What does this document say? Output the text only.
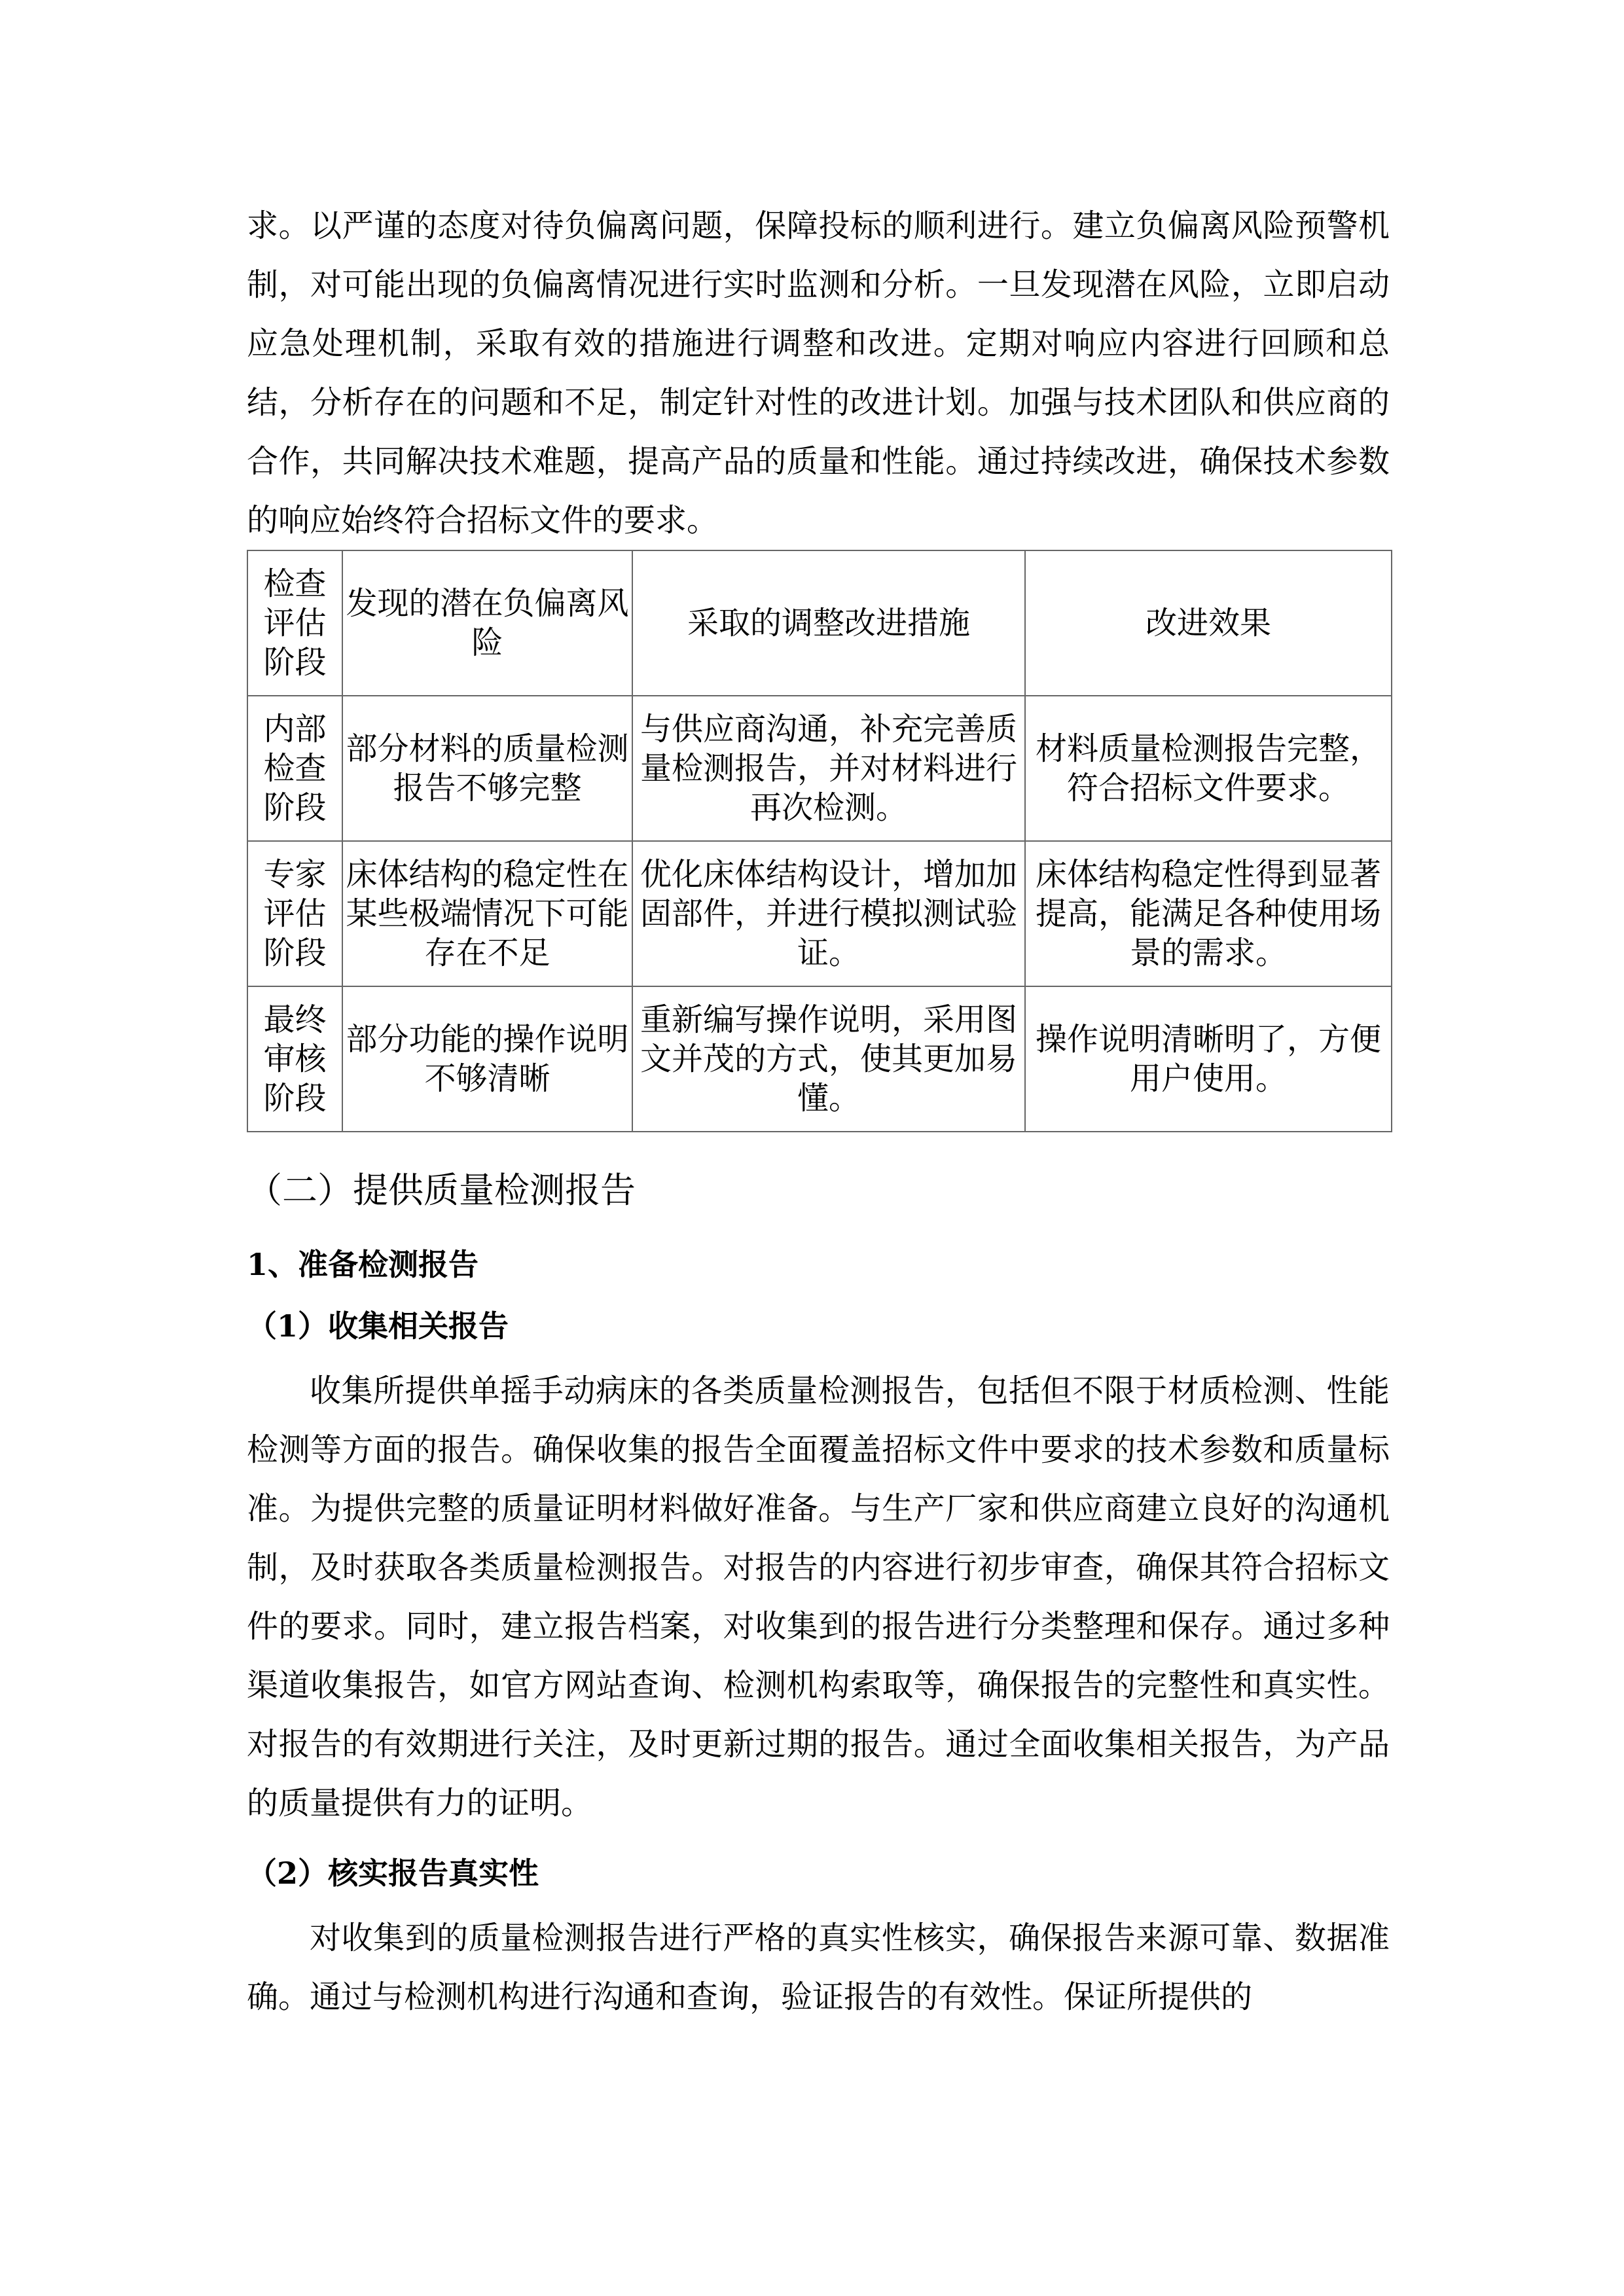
求。以严谨的态度对待负偏离问题，保障投标的顺利进行。建立负偏离风险预警机制，对可能出现的负偏离情况进行实时监测和分析。一旦发现潜在风险，立即启动应急处理机制，采取有效的措施进行调整和改进。定期对响应内容进行回顾和总结，分析存在的问题和不足，制定针对性的改进计划。加强与技术团队和供应商的合作，共同解决技术难题，提高产品的质量和性能。通过持续改进，确保技术参数的响应始终符合招标文件的要求。

检查评估阶段	发现的潜在负偏离风险	采取的调整改进措施	改进效果
内部检查阶段	部分材料的质量检测报告不够完整	与供应商沟通，补充完善质量检测报告，并对材料进行再次检测。	材料质量检测报告完整，符合招标文件要求。
专家评估阶段	床体结构的稳定性在某些极端情况下可能存在不足	优化床体结构设计，增加加固部件，并进行模拟测试验证。	床体结构稳定性得到显著提高，能满足各种使用场景的需求。
最终审核阶段	部分功能的操作说明不够清晰	重新编写操作说明，采用图文并茂的方式，使其更加易懂。	操作说明清晰明了，方便用户使用。
（二）提供质量检测报告
1、准备检测报告
（1）收集相关报告

收集所提供单摇手动病床的各类质量检测报告，包括但不限于材质检测、性能检测等方面的报告。确保收集的报告全面覆盖招标文件中要求的技术参数和质量标准。为提供完整的质量证明材料做好准备。与生产厂家和供应商建立良好的沟通机制，及时获取各类质量检测报告。对报告的内容进行初步审查，确保其符合招标文件的要求。同时，建立报告档案，对收集到的报告进行分类整理和保存。通过多种渠道收集报告，如官方网站查询、检测机构索取等，确保报告的完整性和真实性。对报告的有效期进行关注，及时更新过期的报告。通过全面收集相关报告，为产品的质量提供有力的证明。

（2）核实报告真实性

对收集到的质量检测报告进行严格的真实性核实，确保报告来源可靠、数据准确。通过与检测机构进行沟通和查询，验证报告的有效性。保证所提供的
